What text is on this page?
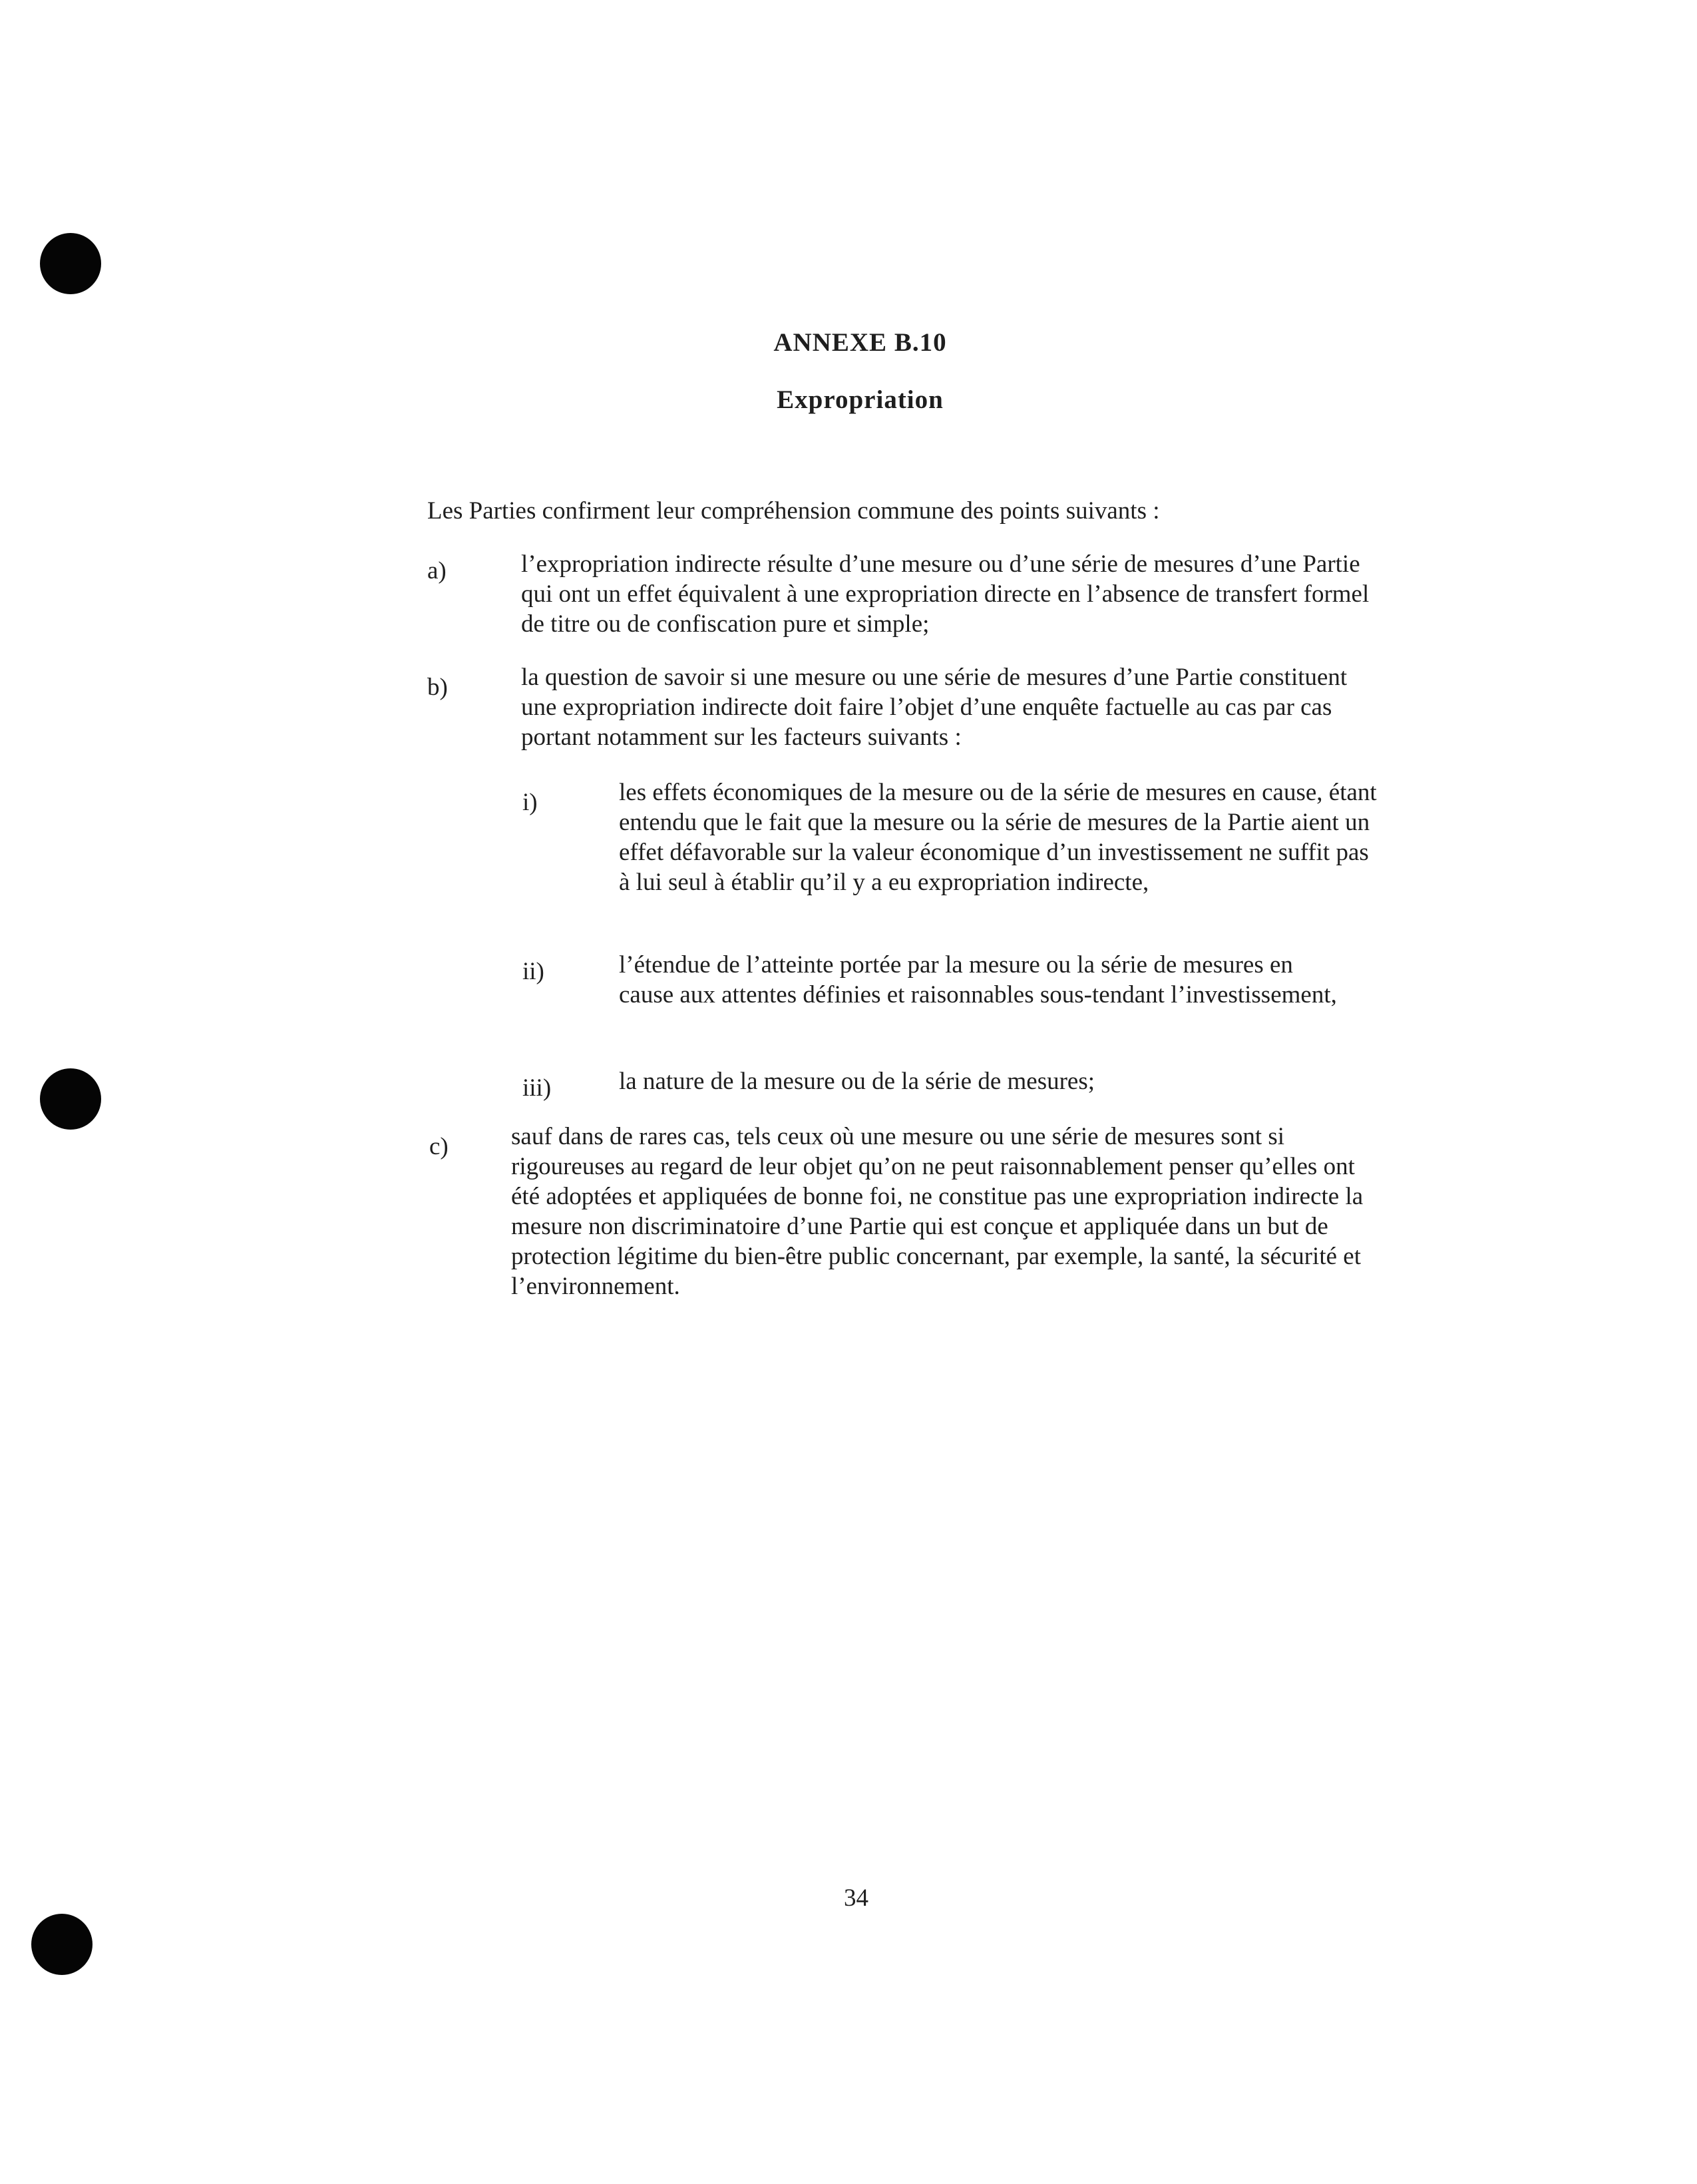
ANNEXE B.10
Expropriation
Les Parties confirment leur compréhension commune des points suivants :
a)	l’expropriation indirecte résulte d’une mesure ou d’une série de mesures d’une Partie qui ont un effet équivalent à une expropriation directe en l’absence de transfert formel de titre ou de confiscation pure et simple;
b)	la question de savoir si une mesure ou une série de mesures d’une Partie constituent une expropriation indirecte doit faire l’objet d’une enquête factuelle au cas par cas portant notamment sur les facteurs suivants :
i)	les effets économiques de la mesure ou de la série de mesures en cause, étant entendu que le fait que la mesure ou la série de mesures de la Partie aient un effet défavorable sur la valeur économique d’un investissement ne suffit pas à lui seul à établir qu’il y a eu expropriation indirecte,
ii)	l’étendue de l’atteinte portée par la mesure ou la série de mesures en cause aux attentes définies et raisonnables sous-tendant l’investissement,
iii)	la nature de la mesure ou de la série de mesures;
c)	sauf dans de rares cas, tels ceux où une mesure ou une série de mesures sont si rigoureuses au regard de leur objet qu’on ne peut raisonnablement penser qu’elles ont été adoptées et appliquées de bonne foi, ne constitue pas une expropriation indirecte la mesure non discriminatoire d’une Partie qui est conçue et appliquée dans un but de protection légitime du bien-être public concernant, par exemple, la santé, la sécurité et l’environnement.
34
